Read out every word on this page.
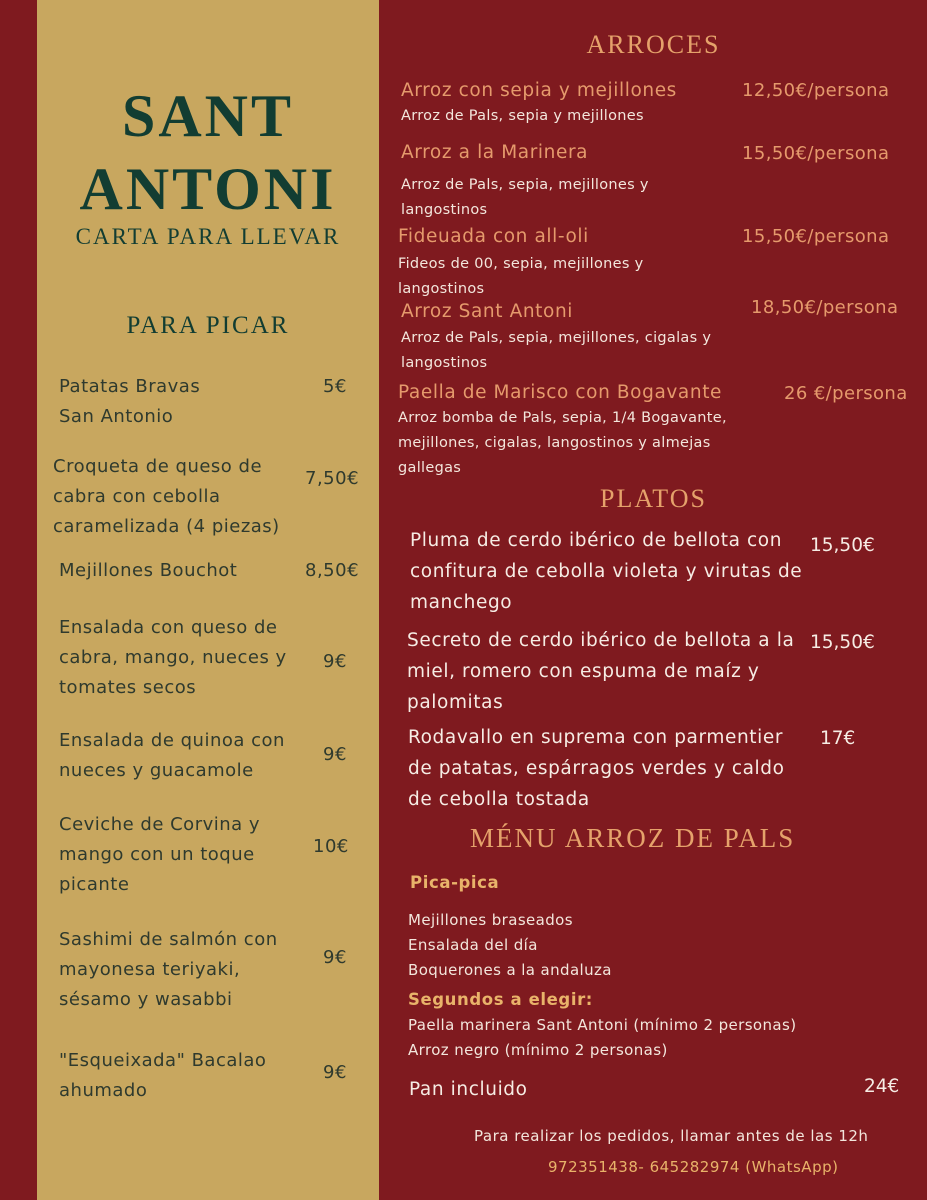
SANT
ANTONI
CARTA PARA LLEVAR
PARA PICAR
Patatas Bravas
San Antonio
5€
Croqueta de queso de
cabra con cebolla
caramelizada (4 piezas)
7,50€
Mejillones Bouchot	8,50€
Ensalada con queso de
cabra, mango, nueces y
tomates secos
9€
Ensalada de quinoa con
nueces y guacamole
9€
Ceviche de Corvina y
mango con un toque
picante
10€
Sashimi de salmón con
mayonesa teriyaki,
sésamo y wasabbi
9€
"Esqueixada" Bacalao
ahumado
9€
ARROCES
Arroz con sepia y mejillones	12,50€/persona
Arroz de Pals, sepia y mejillones
Arroz a la Marinera	15,50€/persona
Arroz de Pals, sepia, mejillones y
langostinos
Fideuada con all-oli	15,50€/persona
Fideos de 00, sepia, mejillones y
langostinos
Arroz Sant Antoni	18,50€/persona
Arroz de Pals, sepia, mejillones, cigalas y
langostinos
Paella de Marisco con Bogavante	26 €/persona
Arroz bomba de Pals, sepia, 1/4 Bogavante,
mejillones, cigalas, langostinos y almejas
gallegas
PLATOS
Pluma de cerdo ibérico de bellota con
confitura de cebolla violeta y virutas de
manchego
15,50€
Secreto de cerdo ibérico de bellota a la
miel, romero con espuma de maíz y
palomitas
15,50€
Rodavallo en suprema con parmentier
de patatas, espárragos verdes y caldo
de cebolla tostada
17€
MÉNU ARROZ DE PALS
Pica-pica
Mejillones braseados
Ensalada del día
Boquerones a la andaluza
Segundos a elegir:
Paella marinera Sant Antoni (mínimo 2 personas)
Arroz negro (mínimo 2 personas)
Pan incluido	24€
Para realizar los pedidos, llamar antes de las 12h
972351438- 645282974 (WhatsApp)
